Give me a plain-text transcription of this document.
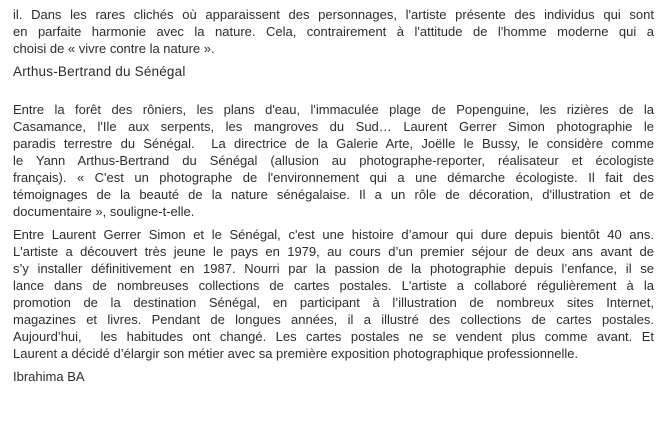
il. Dans les rares clichés où apparaissent des personnages, l'artiste présente des individus qui sont
en parfaite harmonie avec la nature. Cela, contrairement à l'attitude de l'homme moderne qui a
choisi de « vivre contre la nature ».
Arthus-Bertrand du Sénégal
Entre la forêt des rôniers, les plans d'eau, l'immaculée plage de Popenguine, les rizières de la
Casamance, l'Ile aux serpents, les mangroves du Sud… Laurent Gerrer Simon photographie le
paradis terrestre du Sénégal.  La directrice de la Galerie Arte, Joëlle le Bussy, le considère comme
le Yann Arthus-Bertrand du Sénégal (allusion au photographe-reporter, réalisateur et écologiste
français). « C'est un photographe de l'environnement qui a une démarche écologiste. Il fait des
témoignages de la beauté de la nature sénégalaise. Il a un rôle de décoration, d'illustration et de
documentaire », souligne-t-elle.
Entre Laurent Gerrer Simon et le Sénégal, c'est une histoire d’amour qui dure depuis bientôt 40 ans.
L'artiste a découvert très jeune le pays en 1979, au cours d’un premier séjour de deux ans avant de
s’y installer définitivement en 1987. Nourri par la passion de la photographie depuis l’enfance, il se
lance dans de nombreuses collections de cartes postales. L'artiste a collaboré régulièrement à la
promotion de la destination Sénégal, en participant à l’illustration de nombreux sites Internet,
magazines et livres. Pendant de longues années, il a illustré des collections de cartes postales.
Aujourd’hui,  les habitudes ont changé. Les cartes postales ne se vendent plus comme avant. Et
Laurent a décidé d’élargir son métier avec sa première exposition photographique professionnelle.
Ibrahima BA
